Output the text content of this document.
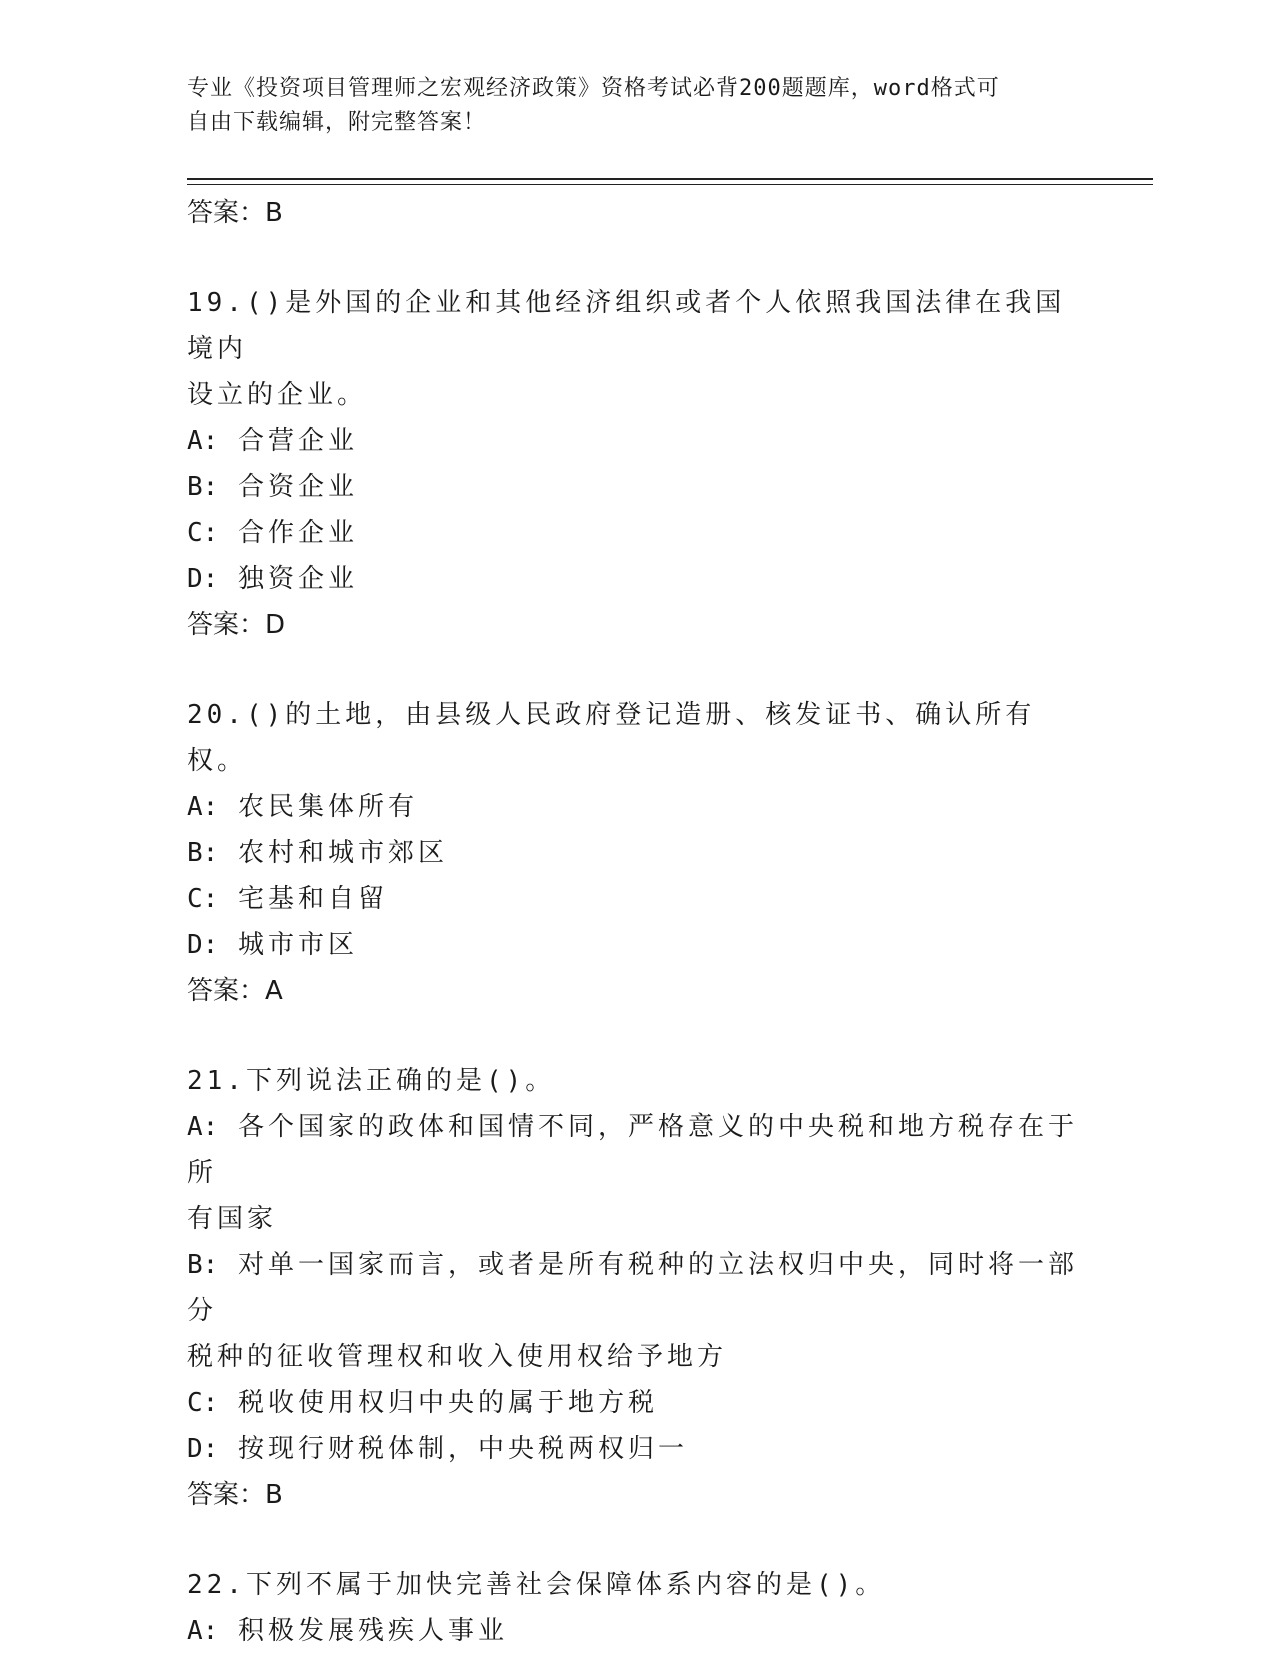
专业《投资项目管理师之宏观经济政策》资格考试必背200题题库，word格式可
自由下载编辑，附完整答案！
答案：B
19.()是外国的企业和其他经济组织或者个人依照我国法律在我国境内
设立的企业。
A: 合营企业
B: 合资企业
C: 合作企业
D: 独资企业
答案：D
20.()的土地，由县级人民政府登记造册、核发证书、确认所有权。
A: 农民集体所有
B: 农村和城市郊区
C: 宅基和自留
D: 城市市区
答案：A
21.下列说法正确的是()。
A: 各个国家的政体和国情不同，严格意义的中央税和地方税存在于所
有国家
B: 对单一国家而言，或者是所有税种的立法权归中央，同时将一部分
税种的征收管理权和收入使用权给予地方
C: 税收使用权归中央的属于地方税
D: 按现行财税体制，中央税两权归一
答案：B
22.下列不属于加快完善社会保障体系内容的是()。
A: 积极发展残疾人事业
